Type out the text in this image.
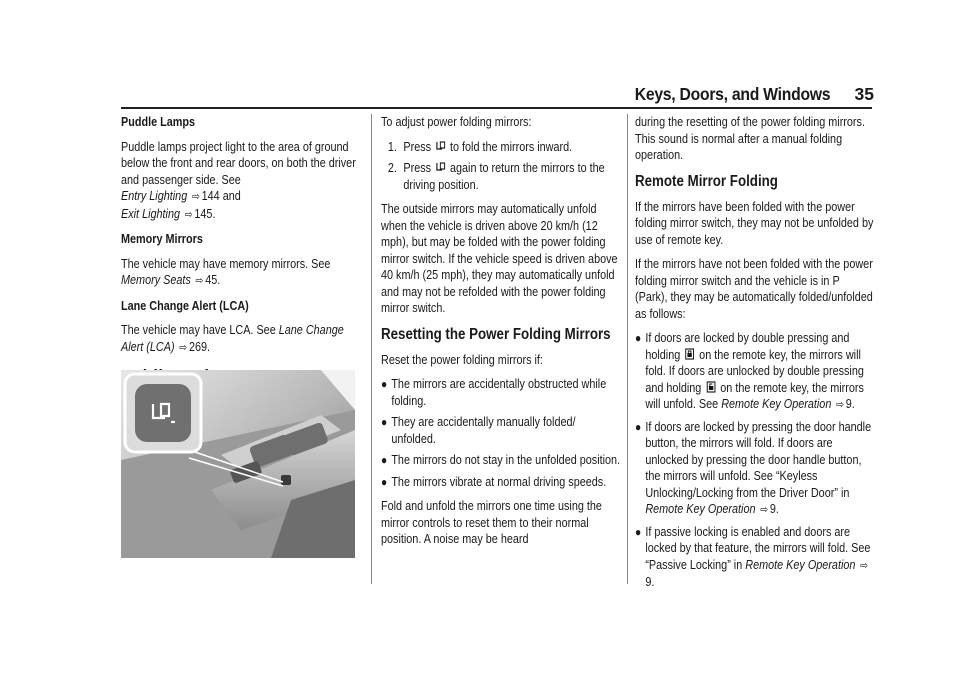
Keys, Doors, and Windows 35

Puddle Lamps

Puddle lamps project light to the area of ground below the front and rear doors, on both the driver and passenger side. See
Entry Lighting ⇨ 144 and
Exit Lighting ⇨ 145.

Memory Mirrors

The vehicle may have memory mirrors. See
Memory Seats ⇨ 45.

Lane Change Alert (LCA)

The vehicle may have LCA. See Lane Change Alert (LCA) ⇨ 269.

To adjust power folding mirrors:

1. Press to fold the mirrors inward.
2. Press again to return the mirrors to the driving position.

The outside mirrors may automatically unfold when the vehicle is driven above 20 km/h (12 mph), but may be folded with the power folding mirror switch. If the vehicle speed is driven above 40 km/h (25 mph), they may automatically unfold and may not be refolded with the power folding mirror switch.

Resetting the Power Folding Mirrors

Reset the power folding mirrors if:

● The mirrors are accidentally obstructed while folding.
● They are accidentally manually folded/ unfolded.
● The mirrors do not stay in the unfolded position.
● The mirrors vibrate at normal driving speeds.

Fold and unfold the mirrors one time using the mirror controls to reset them to their normal position. A noise may be heard

during the resetting of the power folding mirrors. This sound is normal after a manual folding operation.

Remote Mirror Folding

If the mirrors have been folded with the power folding mirror switch, they may not be unfolded by use of remote key.

If the mirrors have not been folded with the power folding mirror switch and the vehicle is in P (Park), they may be automatically folded/unfolded as follows:

● If doors are locked by double pressing and holding on the remote key, the mirrors will fold. If doors are unlocked by double pressing and holding on the remote key, the mirrors will unfold. See Remote Key Operation ⇨ 9.
● If doors are locked by pressing the door handle button, the mirrors will fold. If doors are unlocked by pressing the door handle button, the mirrors will unfold. See “Keyless Unlocking/Locking from the Driver Door” in Remote Key Operation ⇨ 9.
● If passive locking is enabled and doors are locked by that feature, the mirrors will fold. See “Passive Locking” in Remote Key Operation ⇨9.
